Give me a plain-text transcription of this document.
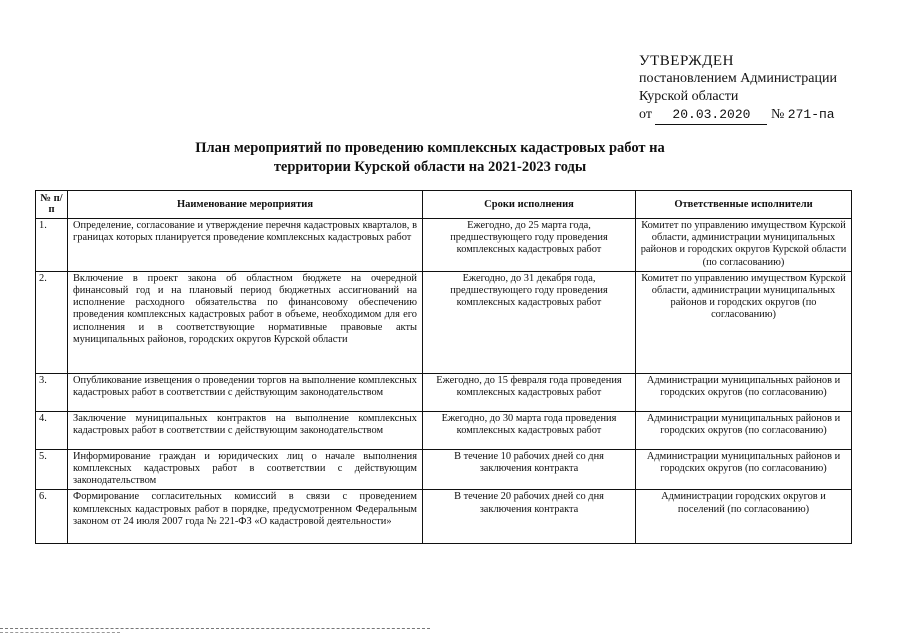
УТВЕРЖДЕН
постановлением Администрации
Курской области
от 20.03.2020 № 271-па
План мероприятий по проведению комплексных кадастровых работ на
территории Курской области на 2021-2023 годы
№ п/п	Наименование мероприятия	Сроки исполнения	Ответственные исполнители
1.	Определение, согласование и утверждение перечня кадастровых кварталов, в границах которых планируется проведение комплексных кадастровых работ	Ежегодно, до 25 марта года, предшествующего году проведения комплексных кадастровых работ	Комитет по управлению имуществом Курской области, администрации муниципальных районов и городских округов Курской области (по согласованию)
2.	Включение в проект закона об областном бюджете на очередной финансовый год и на плановый период бюджетных ассигнований на исполнение расходного обязательства по финансовому обеспечению проведения комплексных кадастровых работ в объеме, необходимом для его исполнения и в соответствующие нормативные правовые акты муниципальных районов, городских округов Курской области	Ежегодно, до 31 декабря года, предшествующего году проведения комплексных кадастровых работ	Комитет по управлению имуществом Курской области, администрации муниципальных районов и городских округов (по согласованию)
3.	Опубликование извещения о проведении торгов на выполнение комплексных кадастровых работ в соответствии с действующим законодательством	Ежегодно, до 15 февраля года проведения комплексных кадастровых работ	Администрации муниципальных районов и городских округов (по согласованию)
4.	Заключение муниципальных контрактов на выполнение комплексных кадастровых работ в соответствии с действующим законодательством	Ежегодно, до 30 марта года проведения комплексных кадастровых работ	Администрации муниципальных районов и городских округов (по согласованию)
5.	Информирование граждан и юридических лиц о начале выполнения комплексных кадастровых работ в соответствии с действующим законодательством	В течение 10 рабочих дней со дня заключения контракта	Администрации муниципальных районов и городских округов (по согласованию)
6.	Формирование согласительных комиссий в связи с проведением комплексных кадастровых работ в порядке, предусмотренном Федеральным законом от 24 июля 2007 года № 221-ФЗ «О кадастровой деятельности»	В течение 20 рабочих дней со дня заключения контракта	Администрации городских округов и поселений (по согласованию)
